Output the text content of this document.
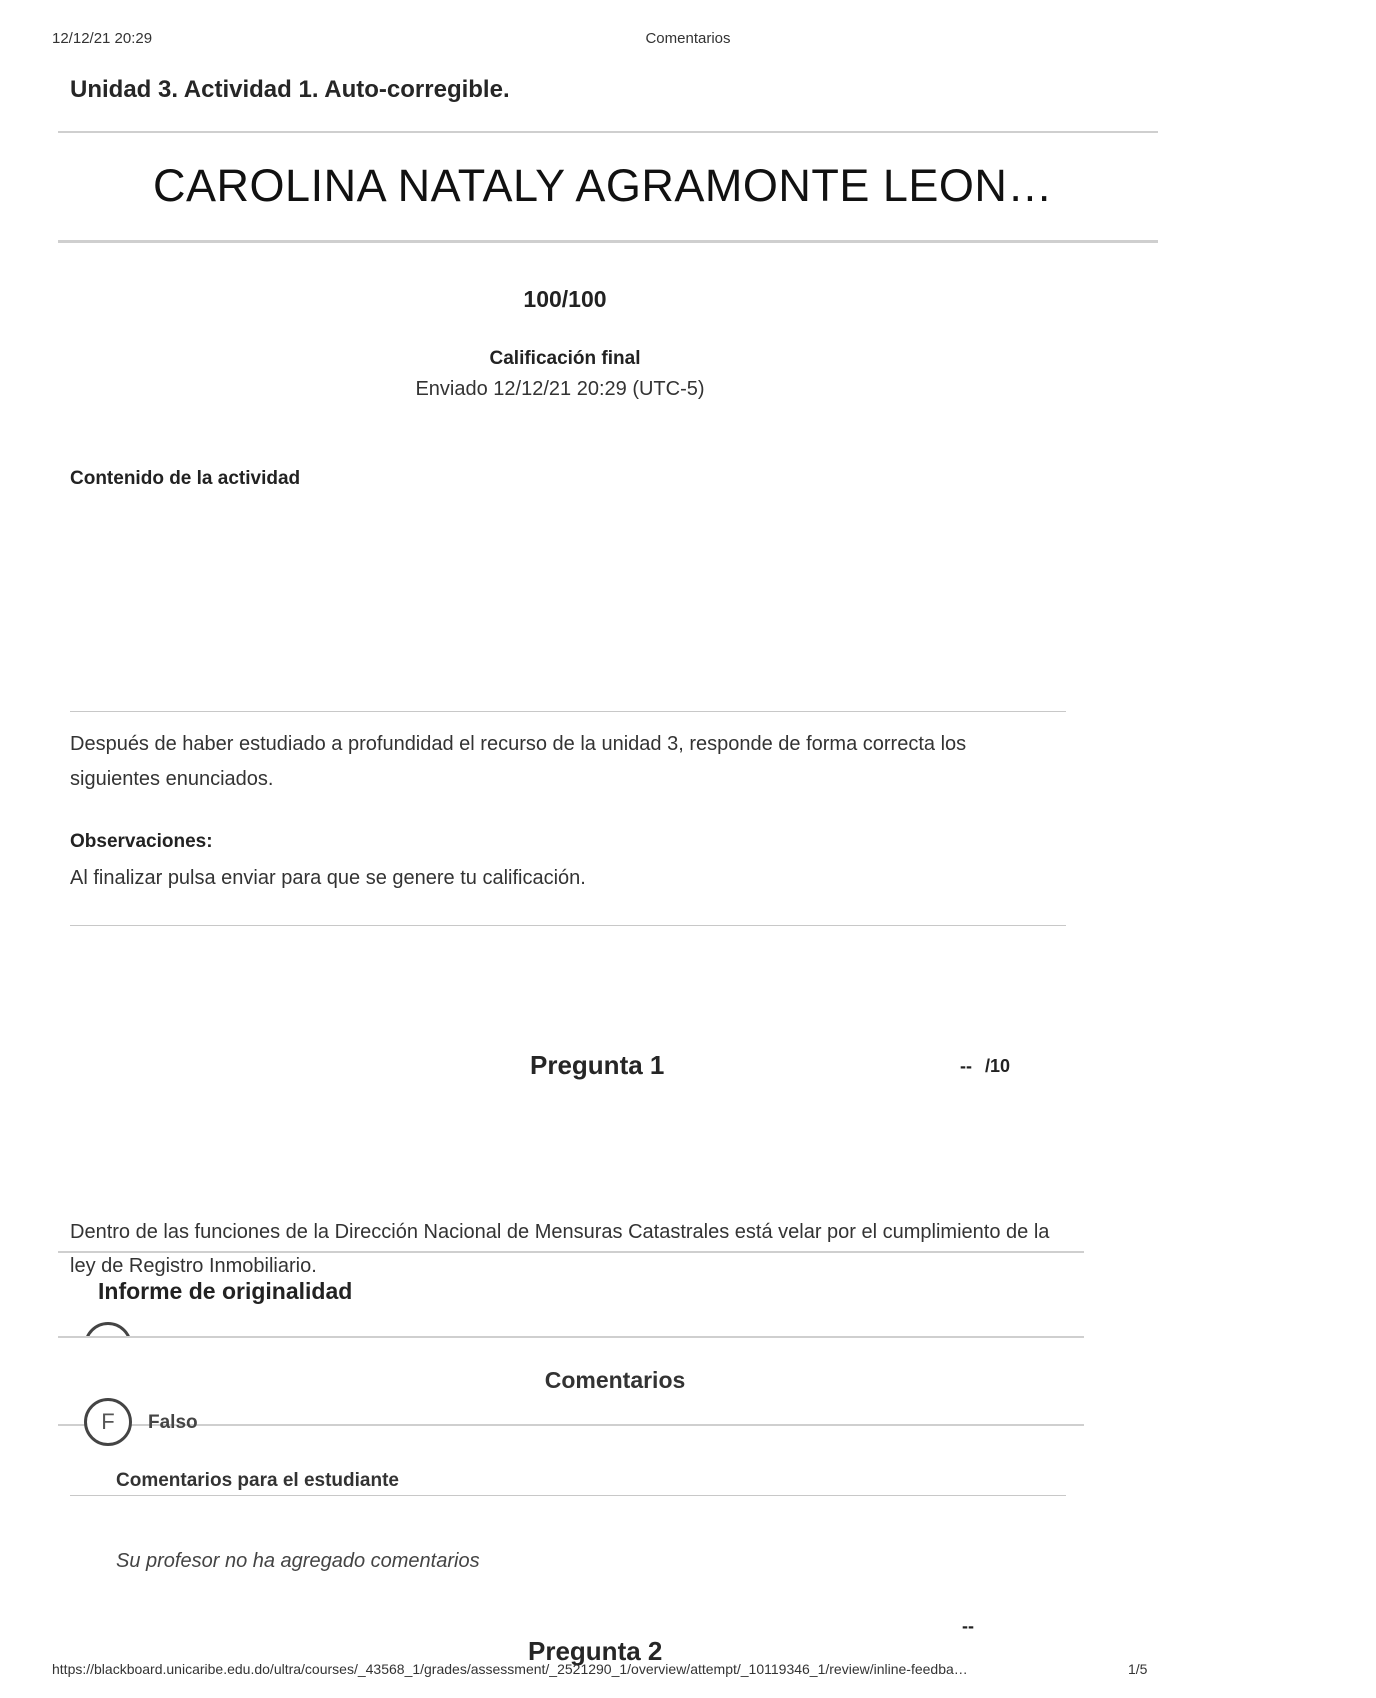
12/12/21 20:29	Comentarios
Unidad 3. Actividad 1. Auto-corregible.
CAROLINA NATALY AGRAMONTE LEON…
100/100
Calificación final
Enviado 12/12/21 20:29 (UTC-5)
Contenido de la actividad
Después de haber estudiado a profundidad el recurso de la unidad 3, responde de forma correcta los siguientes enunciados.
Observaciones:
Al finalizar pulsa enviar para que se genere tu calificación.
Pregunta 1	-- /10
Dentro de las funciones de la Dirección Nacional de Mensuras Catastrales está velar por el cumplimiento de la ley de Registro Inmobiliario.
Informe de originalidad
Comentarios
F Falso
Comentarios para el estudiante
Su profesor no ha agregado comentarios
--
Pregunta 2
https://blackboard.unicaribe.edu.do/ultra/courses/_43568_1/grades/assessment/_2521290_1/overview/attempt/_10119346_1/review/inline-feedba…	1/5
